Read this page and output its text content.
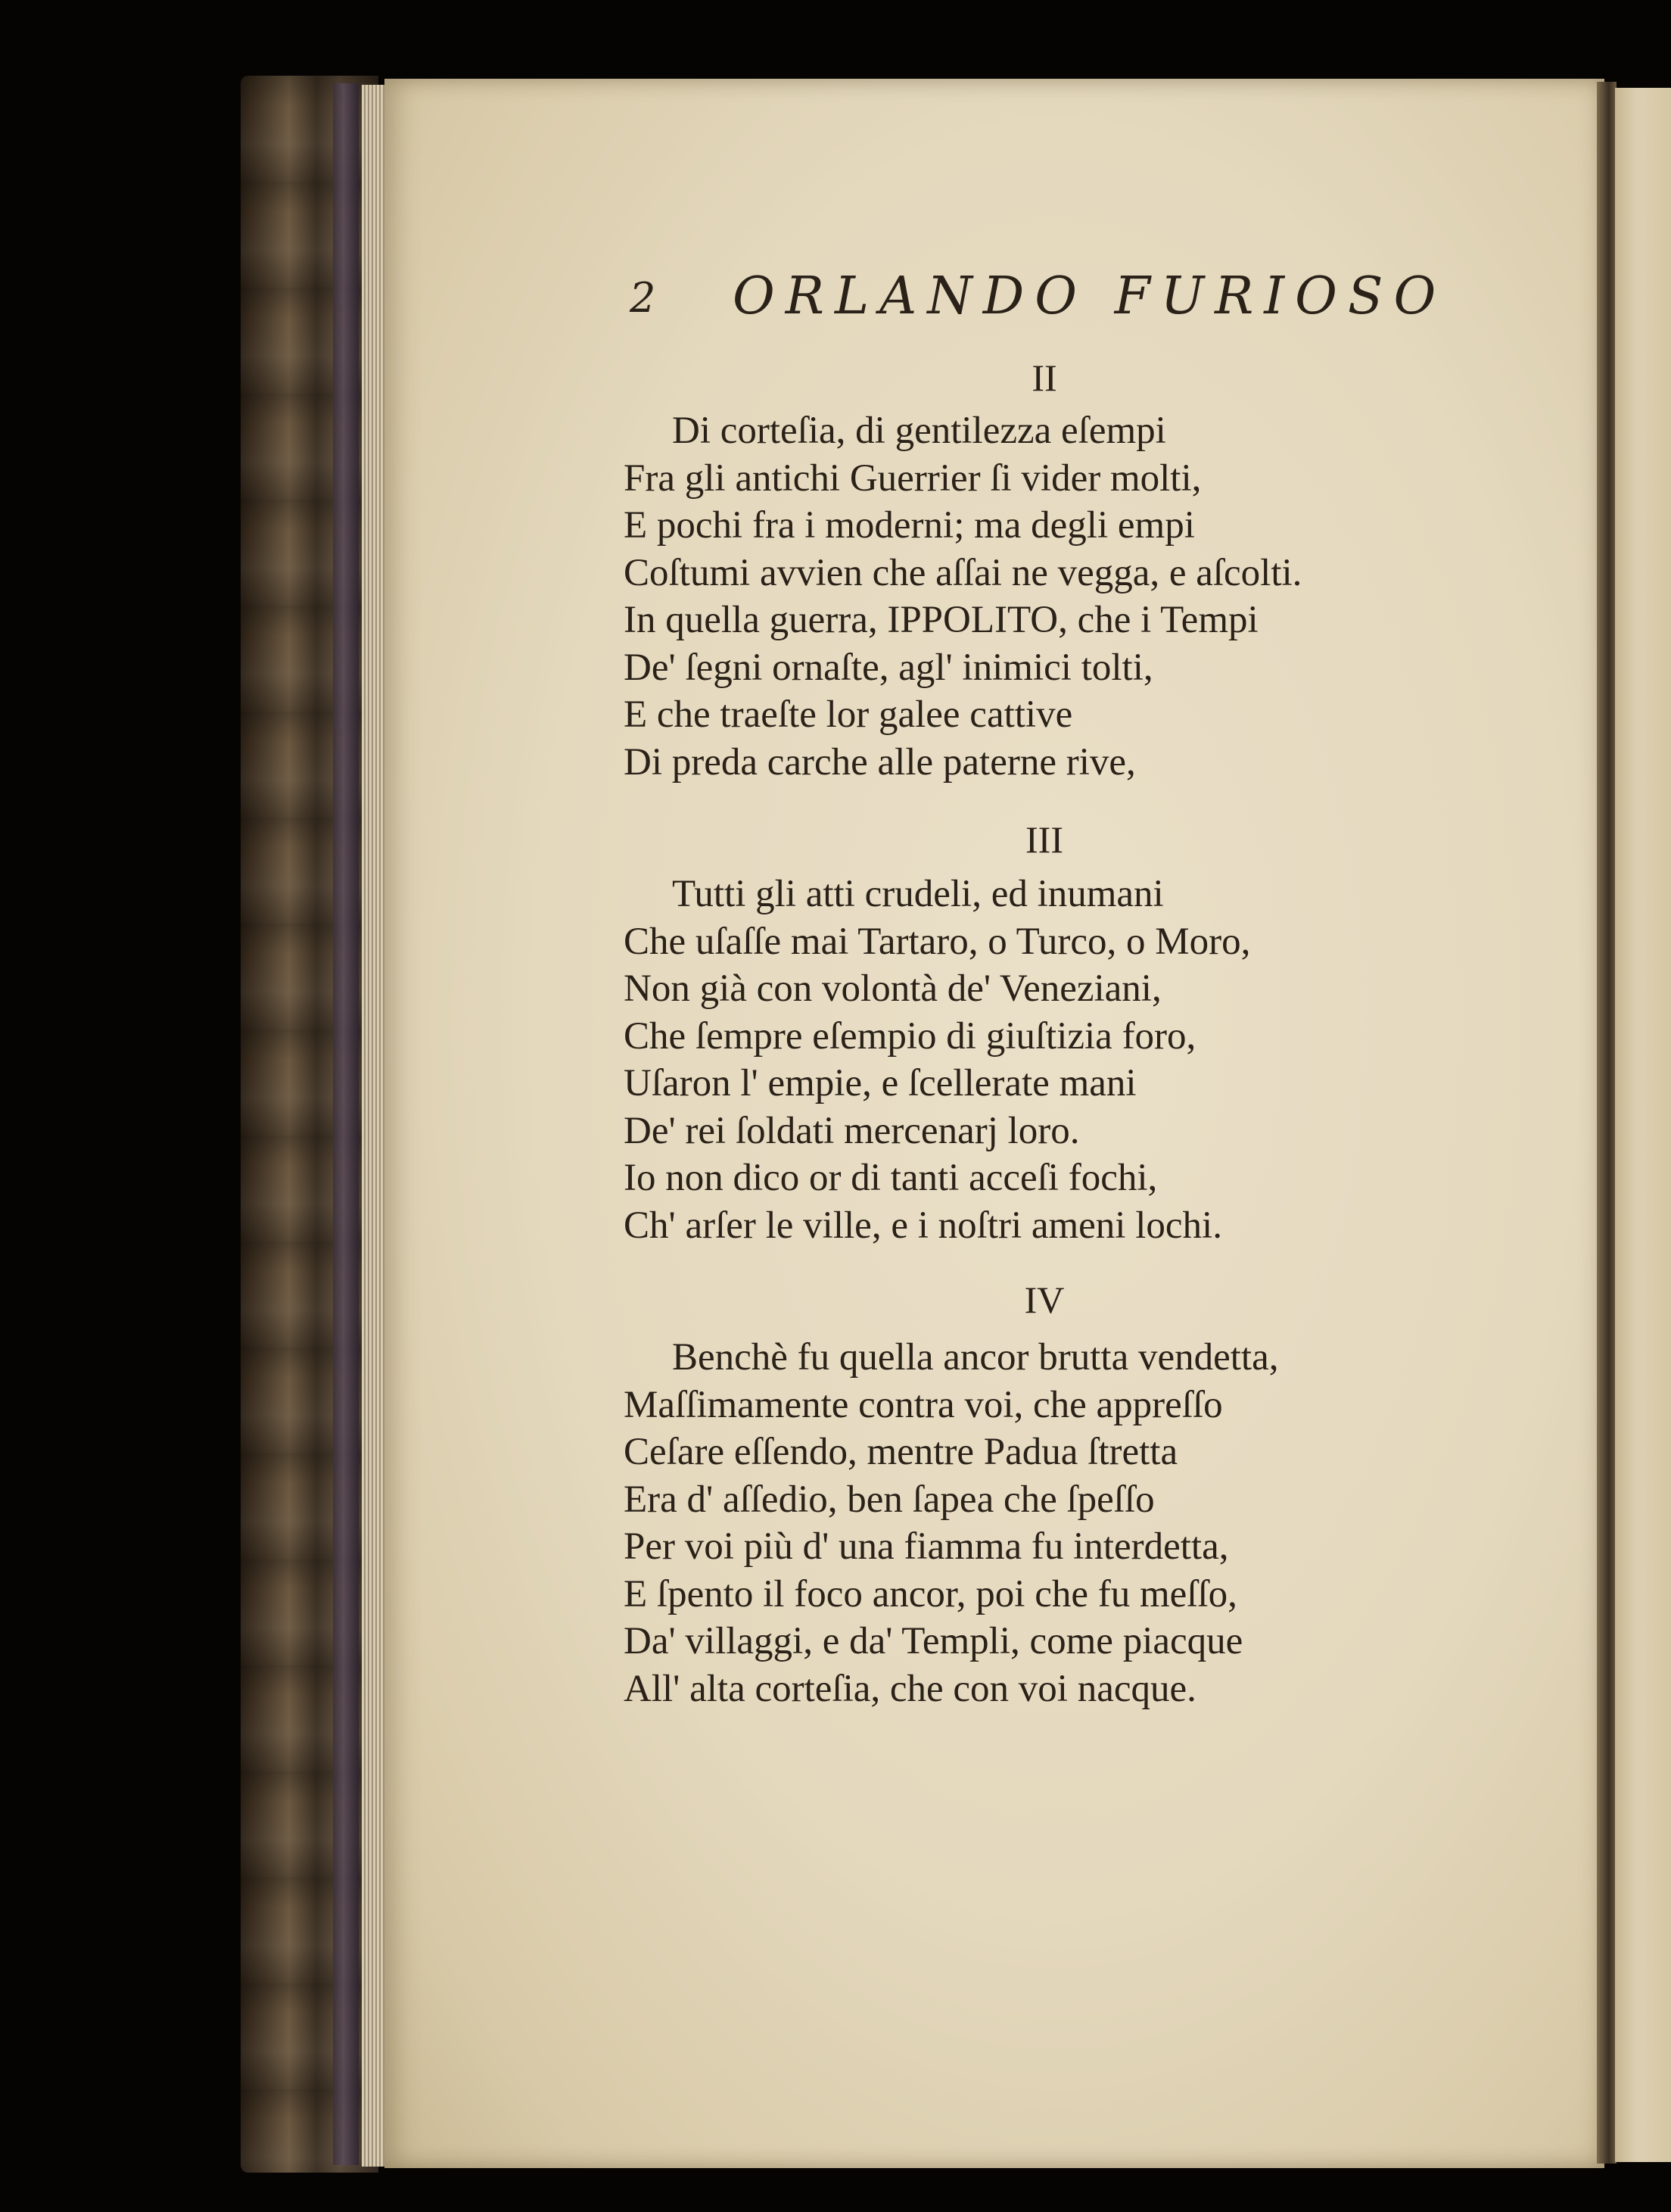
2 ORLANDO FURIOSO

II

Di corteſia, di gentilezza eſempi
Fra gli antichi Guerrier ſi vider molti,
E pochi fra i moderni; ma degli empi
Coſtumi avvien che aſſai ne vegga, e aſcolti.
In quella guerra, IPPOLITO, che i Tempi
De' ſegni ornaſte, agl' inimici tolti,
E che traeſte lor galee cattive
Di preda carche alle paterne rive,

III

Tutti gli atti crudeli, ed inumani
Che uſaſſe mai Tartaro, o Turco, o Moro,
Non già con volontà de' Veneziani,
Che ſempre eſempio di giuſtizia foro,
Uſaron l' empie, e ſcellerate mani
De' rei ſoldati mercenarj loro.
Io non dico or di tanti acceſi fochi,
Ch' arſer le ville, e i noſtri ameni lochi.

IV

Benchè fu quella ancor brutta vendetta,
Maſſimamente contra voi, che appreſſo
Ceſare eſſendo, mentre Padua ſtretta
Era d' aſſedio, ben ſapea che ſpeſſo
Per voi più d' una fiamma fu interdetta,
E ſpento il foco ancor, poi che fu meſſo,
Da' villaggi, e da' Templi, come piacque
All' alta corteſia, che con voi nacque.
